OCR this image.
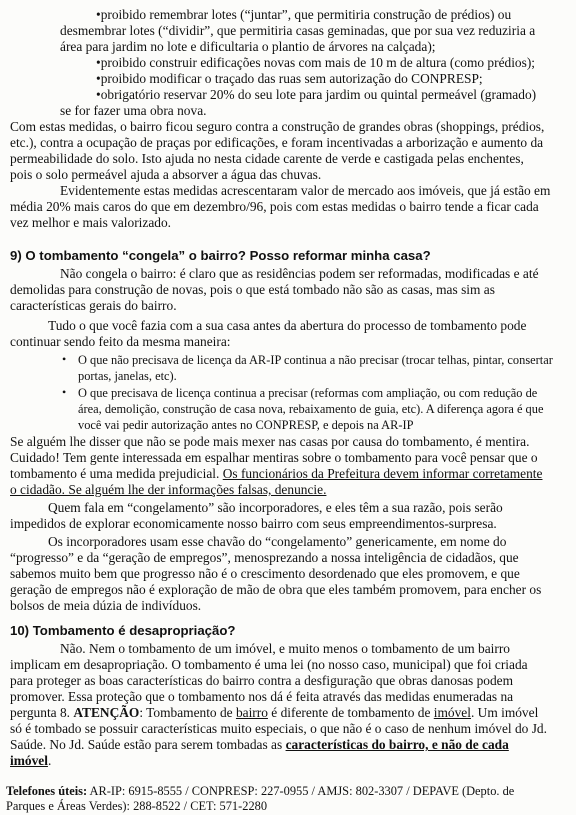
•proibido remembrar lotes (“juntar”, que permitiria construção de prédios) ou
desmembrar lotes (“dividir”, que permitiria casas geminadas, que por sua vez reduziria a
área para jardim no lote e dificultaria o plantio de árvores na calçada);
•proibido construir edificações novas com mais de 10 m de altura (como prédios);
•proibido modificar o traçado das ruas sem autorização do CONPRESP;
•obrigatório reservar 20% do seu lote para jardim ou quintal permeável (gramado)
se for fazer uma obra nova.
Com estas medidas, o bairro ficou seguro contra a construção de grandes obras (shoppings, prédios,
etc.), contra a ocupação de praças por edificações, e foram incentivadas a arborização e aumento da
permeabilidade do solo. Isto ajuda no nesta cidade carente de verde e castigada pelas enchentes,
pois o solo permeável ajuda a absorver a água das chuvas.
Evidentemente estas medidas acrescentaram valor de mercado aos imóveis, que já estão em
média 20% mais caros do que em dezembro/96, pois com estas medidas o bairro tende a ficar cada
vez melhor e mais valorizado.
9) O tombamento “congela” o bairro? Posso reformar minha casa?
Não congela o bairro: é claro que as residências podem ser reformadas, modificadas e até
demolidas para construção de novas, pois o que está tombado não são as casas, mas sim as
características gerais do bairro.
Tudo o que você fazia com a sua casa antes da abertura do processo de tombamento pode
continuar sendo feito da mesma maneira:
• O que não precisava de licença da AR-IP continua a não precisar (trocar telhas, pintar, consertar
portas, janelas, etc).
• O que precisava de licença continua a precisar (reformas com ampliação, ou com redução de
área, demolição, construção de casa nova, rebaixamento de guia, etc). A diferença agora é que
você vai pedir autorização antes no CONPRESP, e depois na AR-IP
Se alguém lhe disser que não se pode mais mexer nas casas por causa do tombamento, é mentira.
Cuidado! Tem gente interessada em espalhar mentiras sobre o tombamento para você pensar que o
tombamento é uma medida prejudicial. Os funcionários da Prefeitura devem informar corretamente
o cidadão. Se alguém lhe der informações falsas, denuncie.
Quem fala em “congelamento” são incorporadores, e eles têm a sua razão, pois serão
impedidos de explorar economicamente nosso bairro com seus empreendimentos-surpresa.
Os incorporadores usam esse chavão do “congelamento” genericamente, em nome do
“progresso” e da “geração de empregos”, menosprezando a nossa inteligência de cidadãos, que
sabemos muito bem que progresso não é o crescimento desordenado que eles promovem, e que
geração de empregos não é exploração de mão de obra que eles também promovem, para encher os
bolsos de meia dúzia de indivíduos.
10) Tombamento é desapropriação?
Não. Nem o tombamento de um imóvel, e muito menos o tombamento de um bairro
implicam em desapropriação. O tombamento é uma lei (no nosso caso, municipal) que foi criada
para proteger as boas características do bairro contra a desfiguração que obras danosas podem
promover. Essa proteção que o tombamento nos dá é feita através das medidas enumeradas na
pergunta 8. ATENÇÃO: Tombamento de bairro é diferente de tombamento de imóvel. Um imóvel
só é tombado se possuir características muito especiais, o que não é o caso de nenhum imóvel do Jd.
Saúde. No Jd. Saúde estão para serem tombadas as características do bairro, e não de cada
imóvel.
Telefones úteis: AR-IP: 6915-8555 / CONPRESP: 227-0955 / AMJS: 802-3307 / DEPAVE (Depto. de
Parques e Áreas Verdes): 288-8522 / CET: 571-2280
